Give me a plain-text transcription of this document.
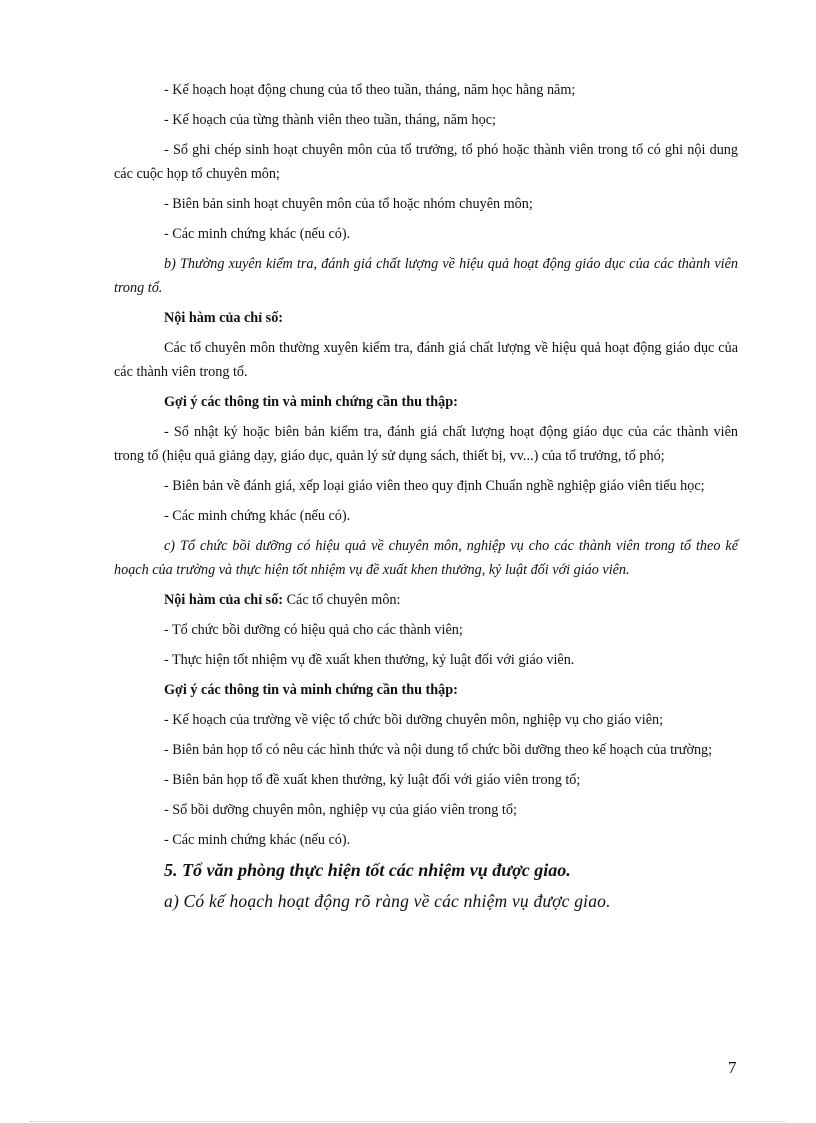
- Kế hoạch hoạt động chung của tổ theo tuần, tháng, năm học hằng năm;

- Kế hoạch của từng thành viên theo tuần, tháng, năm học;

- Sổ ghi chép sinh hoạt chuyên môn của tổ trưởng, tổ phó hoặc thành viên trong tổ có ghi nội dung các cuộc họp tổ chuyên môn;

- Biên bản sinh hoạt chuyên môn của tổ hoặc nhóm chuyên môn;

- Các minh chứng khác (nếu có).

b) Thường xuyên kiểm tra, đánh giá chất lượng về hiệu quả hoạt động giáo dục của các thành viên trong tổ.

Nội hàm của chỉ số:

Các tổ chuyên môn thường xuyên kiểm tra, đánh giá chất lượng về hiệu quả hoạt động giáo dục của các thành viên trong tổ.

Gợi ý các thông tin và minh chứng cần thu thập:

- Sổ nhật ký hoặc biên bản kiểm tra, đánh giá chất lượng hoạt động giáo dục của các thành viên trong tổ (hiệu quả giảng dạy, giáo dục, quản lý sử dụng sách, thiết bị, vv...) của tổ trưởng, tổ phó;

- Biên bản về đánh giá, xếp loại giáo viên theo quy định Chuẩn nghề nghiệp giáo viên tiểu học;

- Các minh chứng khác (nếu có).

c) Tổ chức bồi dưỡng có hiệu quả về chuyên môn, nghiệp vụ cho các thành viên trong tổ theo kế hoạch của trường và thực hiện tốt nhiệm vụ đề xuất khen thưởng, kỷ luật đối với giáo viên.

Nội hàm của chỉ số: Các tổ chuyên môn:

- Tổ chức bồi dưỡng có hiệu quả cho các thành viên;

- Thực hiện tốt nhiệm vụ đề xuất khen thưởng, kỷ luật đối với giáo viên.

Gợi ý các thông tin và minh chứng cần thu thập:

- Kế hoạch của trường về việc tổ chức bồi dưỡng chuyên môn, nghiệp vụ cho giáo viên;

- Biên bản họp tổ có nêu các hình thức và nội dung tổ chức bồi dưỡng theo kế hoạch của trường;

- Biên bản họp tổ đề xuất khen thưởng, kỷ luật đối với giáo viên trong tổ;

- Sổ bồi dưỡng chuyên môn, nghiệp vụ của giáo viên trong tổ;

- Các minh chứng khác (nếu có).

5. Tổ văn phòng thực hiện tốt các nhiệm vụ được giao.

a) Có kế hoạch hoạt động rõ ràng về các nhiệm vụ được giao.

7
